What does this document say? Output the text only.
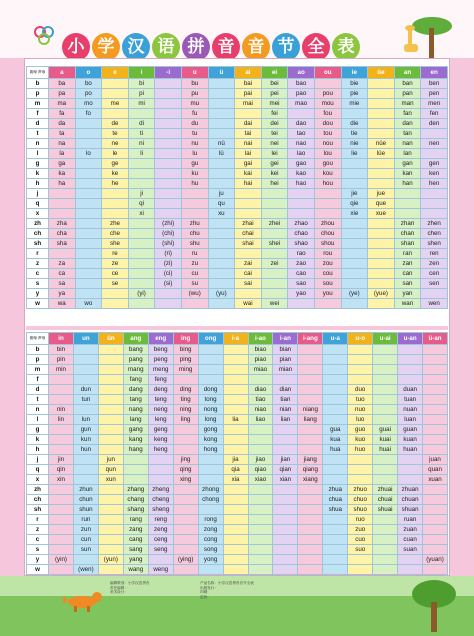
小 学 汉 语 拼 音 音 节 全 表
韵母 声母	a	o	e	i	-i	u	ü	ai	ei	ao	ou	ie	üe	an	en
b	ba	bo		bi		bu		bai	bei	bao		bie		ban	ben
p	pa	po		pi		pu		pai	pei	pao	pou	pie		pan	pen
m	ma	mo	me	mi		mu		mai	mei	mao	mou	mie		man	men
f	fa	fo				fu			fei		fou			fan	fen
d	da		de	di		du		dai	dei	dao	dou	die		dan	den
t	ta		te	ti		tu		tai	tei	tao	tou	tie		tan	
n	na		ne	ni		nu	nü	nai	nei	nao	nou	nie	nüe	nan	nen
l	la	lo	le	li		lu	lü	lai	lei	lao	lou	lie	lüe	lan	
g	ga		ge			gu		gai	gei	gao	gou			gan	gen
k	ka		ke			ku		kai	kei	kao	kou			kan	ken
h	ha		he			hu		hai	hei	hao	hou			han	hen
j				ji			ju					jie	jue		
q				qi			qu					qie	que		
x				xi			xu					xie	xue		
zh	zha		zhe		(zhi)	zhu		zhai	zhei	zhao	zhou			zhan	zhen
ch	cha		che		(chi)	chu		chai		chao	chou			chan	chen
sh	sha		she		(shi)	shu		shai	shei	shao	shou			shan	shen
r			re		(ri)	ru				rao	rou			ran	ren
z	za		ze		(zi)	zu		zai	zei	zao	zou			zan	zen
c	ca		ce		(ci)	cu		cai		cao	cou			can	cen
s	sa		se		(si)	su		sai		sao	sou			san	sen
y	ya			(yi)		(wu)	(yu)			yao	you	(ye)	(yue)	yan	
w	wa	wo						wai	wei					wan	wen
韵母 声母	in	un	ün	ang	eng	ing	ong	i-a	i-ao	i-an	i-ang	u-a	u-o	u-ai	u-an	ü-an
b	bin			bang	beng	bing			biao	bian						
p	pin			pang	peng	ping			piao	pian						
m	min			mang	meng	ming			miao	mian						
f				fang	feng											
d		dun		dang	deng	ding	dong		diao	dian			duo		duan	
t		tun		tang	teng	ting	tong		tiao	tian			tuo		tuan	
n	nin			nang	neng	ning	nong		niao	nian	niang		nuo		nuan	
l	lin	lun		lang	leng	ling	long	lia	liao	lian	liang		luo		luan	
g		gun		gang	geng		gong					gua	guo	guai	guan	
k		kun		kang	keng		kong					kua	kuo	kuai	kuan	
h		hun		hang	heng		hong					hua	huo	huai	huan	
j	jin		jun			jing		jia	jiao	jian	jiang					juan
q	qin		qun			qing		qia	qiao	qian	qiang					quan
x	xin		xun			xing		xia	xiao	xian	xiang					xuan
zh		zhun		zhang	zheng		zhong					zhua	zhuo	zhuai	zhuan	
ch		chun		chang	cheng		chong					chua	chuo	chuai	chuan	
sh		shun		shang	sheng							shua	shuo	shuai	shuan	
r		run		rang	reng		rong						ruo		ruan	
z		zun		zang	zeng		zong						zuo		zuan	
c		cun		cang	ceng		cong						cuo		cuan	
s		sun		sang	seng		song						suo		suan	
y	(yin)		(yun)	yang		(ying)	yong									(yuan)
w		(wen)		wang	weng											
编辑策划：小学汉语拼音
责任编辑：
美术设计：
产品名称：小学汉语拼音音节全表
出版发行：
印刷：
定价：
